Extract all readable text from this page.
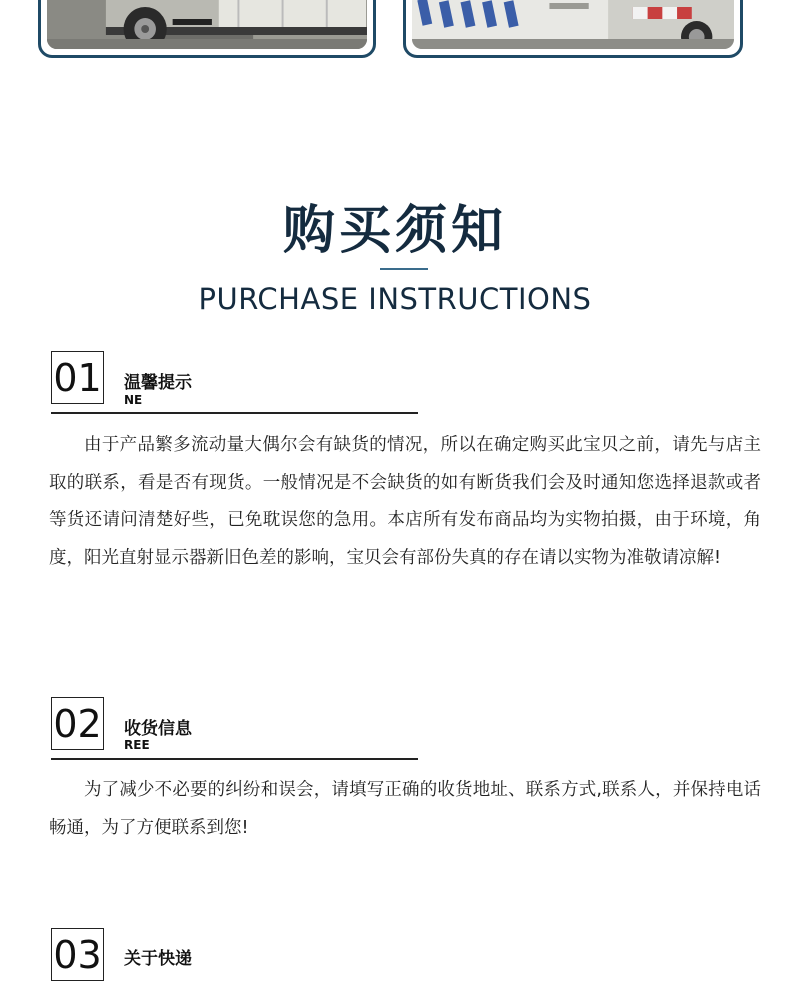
购买须知
PURCHASE INSTRUCTIONS
01 温馨提示
NE

由于产品繁多流动量大偶尔会有缺货的情况，所以在确定购买此宝贝之前，请先与店主取的联系，看是否有现货。一般情况是不会缺货的如有断货我们会及时通知您选择退款或者等货还请问清楚好些，已免耽误您的急用。本店所有发布商品均为实物拍摄，由于环境，角度，阳光直射显示器新旧色差的影响，宝贝会有部份失真的存在请以实物为准敬请凉解!

02 收货信息
REE

为了减少不必要的纠纷和误会，请填写正确的收货地址、联系方式,联系人，并保持电话畅通，为了方便联系到您!

03 关于快递
